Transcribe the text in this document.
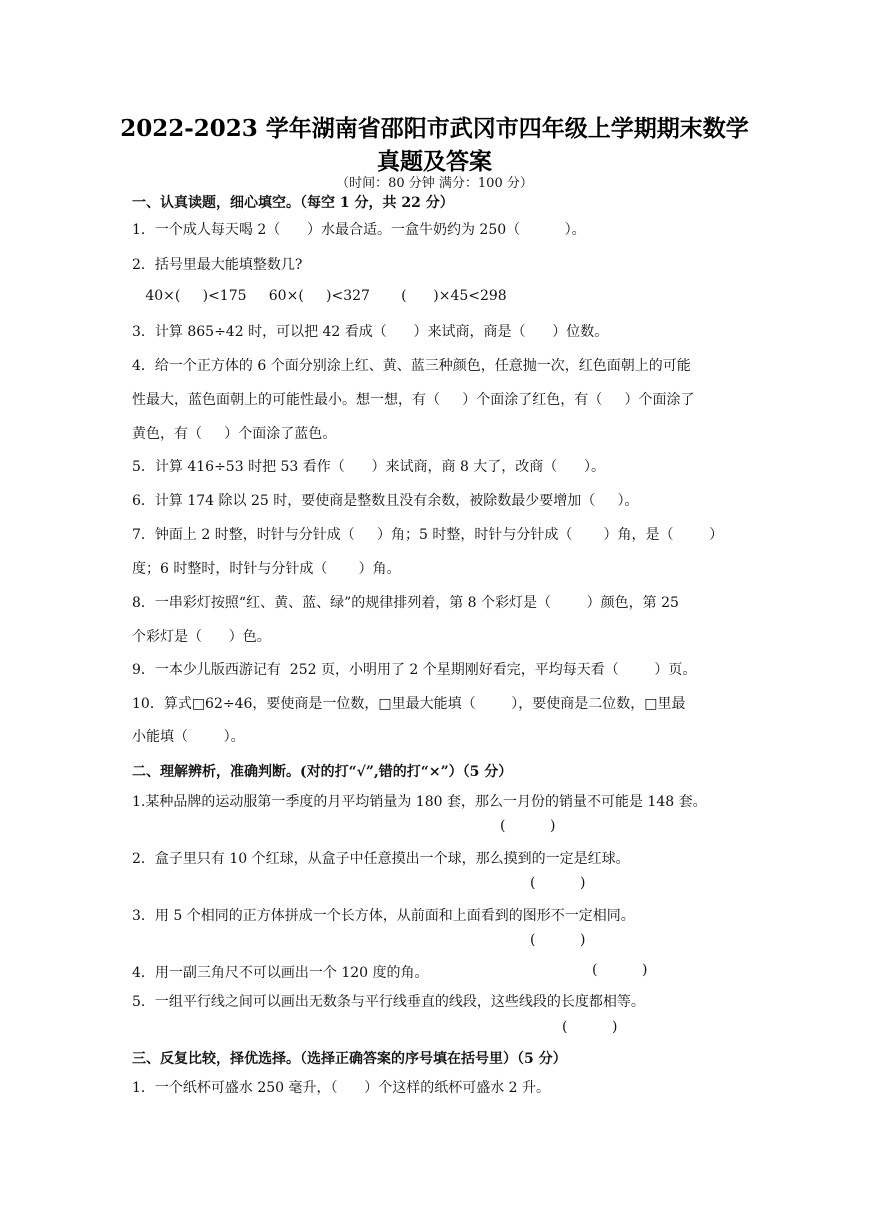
2022-2023 学年湖南省邵阳市武冈市四年级上学期期末数学
真题及答案
（时间：80 分钟 满分：100 分）
一、认真读题，细心填空。（每空 1 分，共 22 分）
1．一个成人每天喝 2（      ）水最合适。一盒牛奶约为 250（          ）。
2．括号里最大能填整数几?
40×(     )<175     60×(     )<327       (      )×45<298
3．计算 865÷42 时，可以把 42 看成（      ）来试商，商是（      ）位数。
4．给一个正方体的 6 个面分别涂上红、黄、蓝三种颜色，任意抛一次，红色面朝上的可能
性最大，蓝色面朝上的可能性最小。想一想，有（     ）个面涂了红色，有（     ）个面涂了
黄色，有（     ）个面涂了蓝色。
5．计算 416÷53 时把 53 看作（      ）来试商，商 8 大了，改商（      ）。
6．计算 174 除以 25 时，要使商是整数且没有余数，被除数最少要增加（     ）。
7．钟面上 2 时整，时针与分针成（     ）角；5 时整，时针与分针成（       ）角，是（        ）
度；6 时整时，时针与分针成（       ）角。
8．一串彩灯按照“红、黄、蓝、绿”的规律排列着，第 8 个彩灯是（        ）颜色，第 25
个彩灯是（      ）色。
9．一本少儿版西游记有  252 页，小明用了 2 个星期刚好看完，平均每天看（        ）页。
10．算式□62÷46，要使商是一位数，□里最大能填（        ），要使商是二位数，□里最
小能填（        ）。
二、理解辨析，准确判断。(对的打“√”,错的打“×”）（5 分）
1.某种品牌的运动服第一季度的月平均销量为 180 套，那么一月份的销量不可能是 148 套。
(          )
2．盒子里只有 10 个红球，从盒子中任意摸出一个球，那么摸到的一定是红球。
(          )
3．用 5 个相同的正方体拼成一个长方体，从前面和上面看到的图形不一定相同。
(          )
4．用一副三角尺不可以画出一个 120 度的角。	(          )
5．一组平行线之间可以画出无数条与平行线垂直的线段，这些线段的长度都相等。
(          )
三、反复比较，择优选择。（选择正确答案的序号填在括号里）（5 分）
1．一个纸杯可盛水 250 毫升，（      ）个这样的纸杯可盛水 2 升。
